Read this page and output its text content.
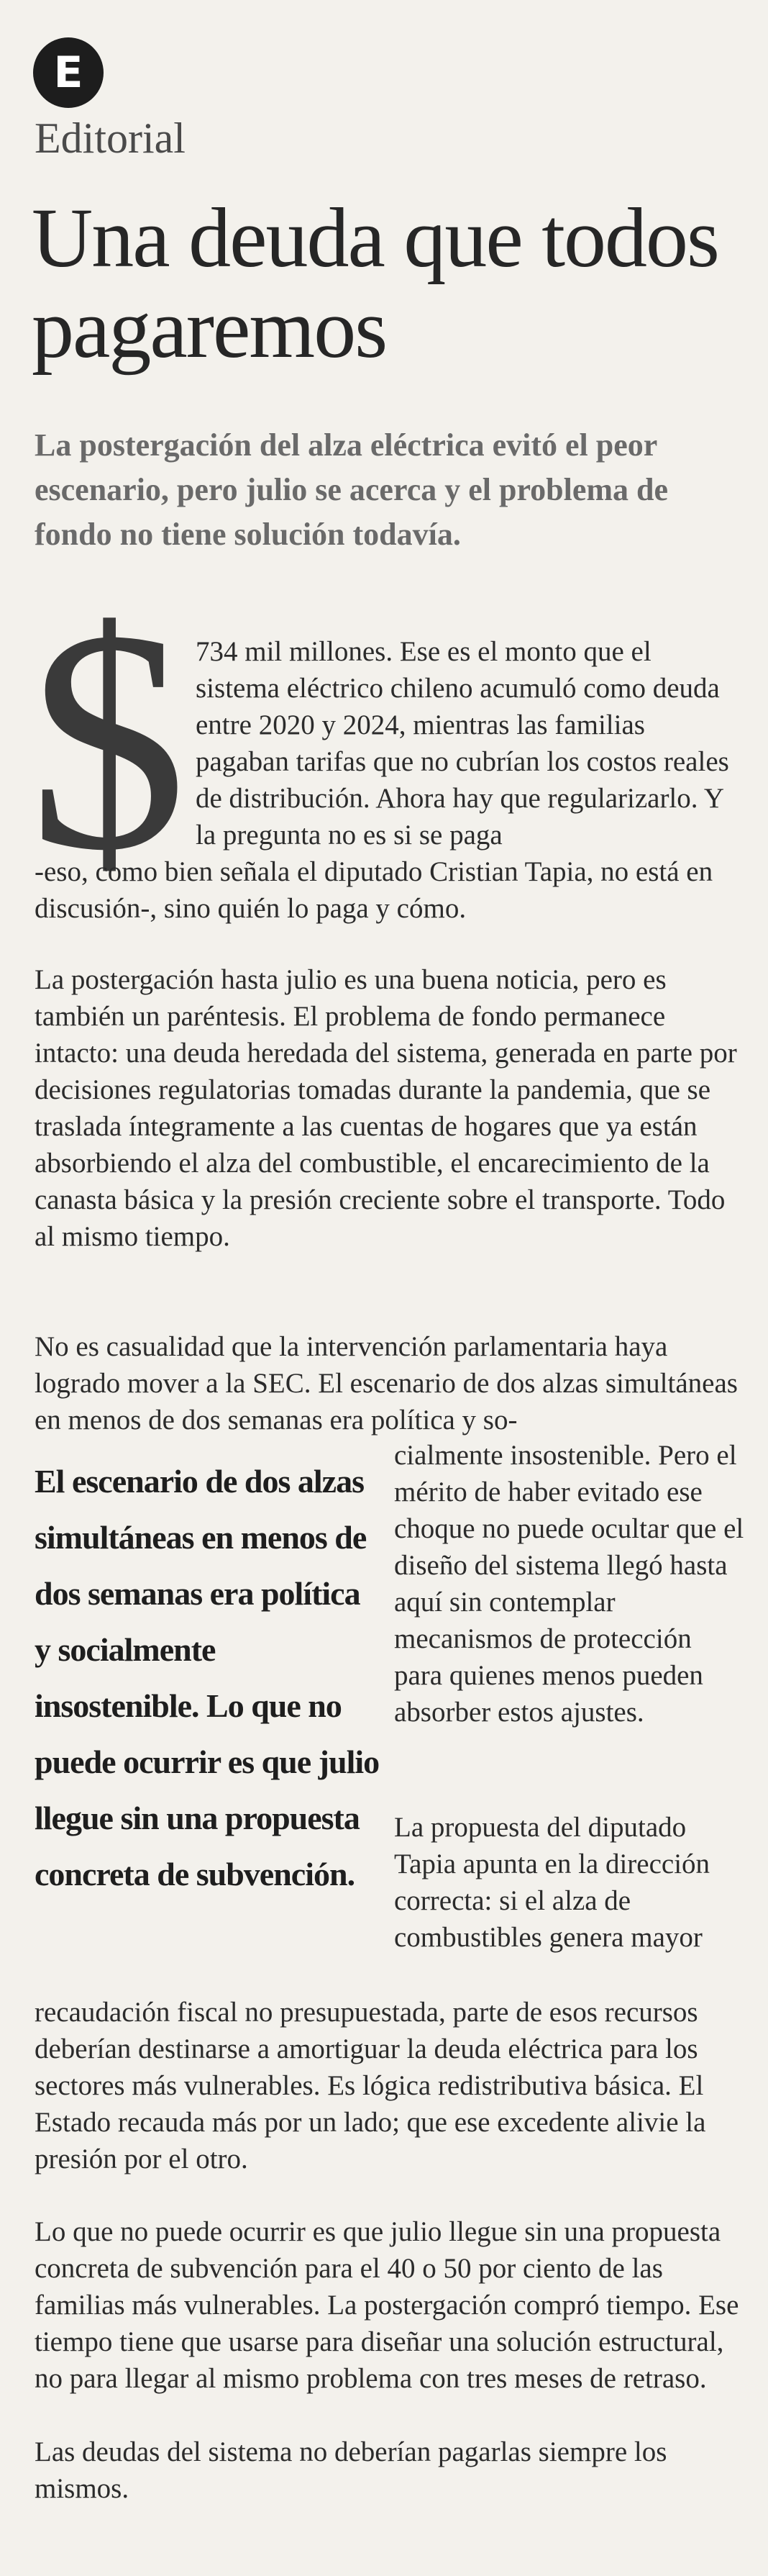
E
Editorial
Una deuda que todos pagaremos
La postergación del alza eléctrica evitó el peor escenario, pero julio se acerca y el problema de fondo no tiene solución todavía.
$ 734 mil millones. Ese es el monto que el sistema eléctrico chileno acumuló como deuda entre 2020 y 2024, mientras las familias pagaban tarifas que no cubrían los costos reales de distribución. Ahora hay que regularizarlo. Y la pregunta no es si se paga
-eso, como bien señala el diputado Cristian Tapia, no está en discusión-, sino quién lo paga y cómo.
La postergación hasta julio es una buena noticia, pero es también un paréntesis. El problema de fondo permanece intacto: una deuda heredada del sistema, generada en parte por decisiones regulatorias tomadas durante la pandemia, que se traslada íntegramente a las cuentas de hogares que ya están absorbiendo el alza del combustible, el encarecimiento de la canasta básica y la presión creciente sobre el transporte. Todo al mismo tiempo.
No es casualidad que la intervención parlamentaria haya logrado mover a la SEC. El escenario de dos alzas simultáneas en menos de dos semanas era política y so-
El escenario de dos alzas simultáneas en menos de dos semanas era política y socialmente insostenible. Lo que no puede ocurrir es que julio llegue sin una propuesta concreta de subvención.
cialmente insostenible. Pero el mérito de haber evitado ese choque no puede ocultar que el diseño del sistema llegó hasta aquí sin contemplar mecanismos de protección para quienes menos pueden absorber estos ajustes.
La propuesta del diputado Tapia apunta en la dirección correcta: si el alza de combustibles genera mayor
recaudación fiscal no presupuestada, parte de esos recursos deberían destinarse a amortiguar la deuda eléctrica para los sectores más vulnerables. Es lógica redistributiva básica. El Estado recauda más por un lado; que ese excedente alivie la presión por el otro.
Lo que no puede ocurrir es que julio llegue sin una propuesta concreta de subvención para el 40 o 50 por ciento de las familias más vulnerables. La postergación compró tiempo. Ese tiempo tiene que usarse para diseñar una solución estructural, no para llegar al mismo problema con tres meses de retraso.
Las deudas del sistema no deberían pagarlas siempre los mismos.
